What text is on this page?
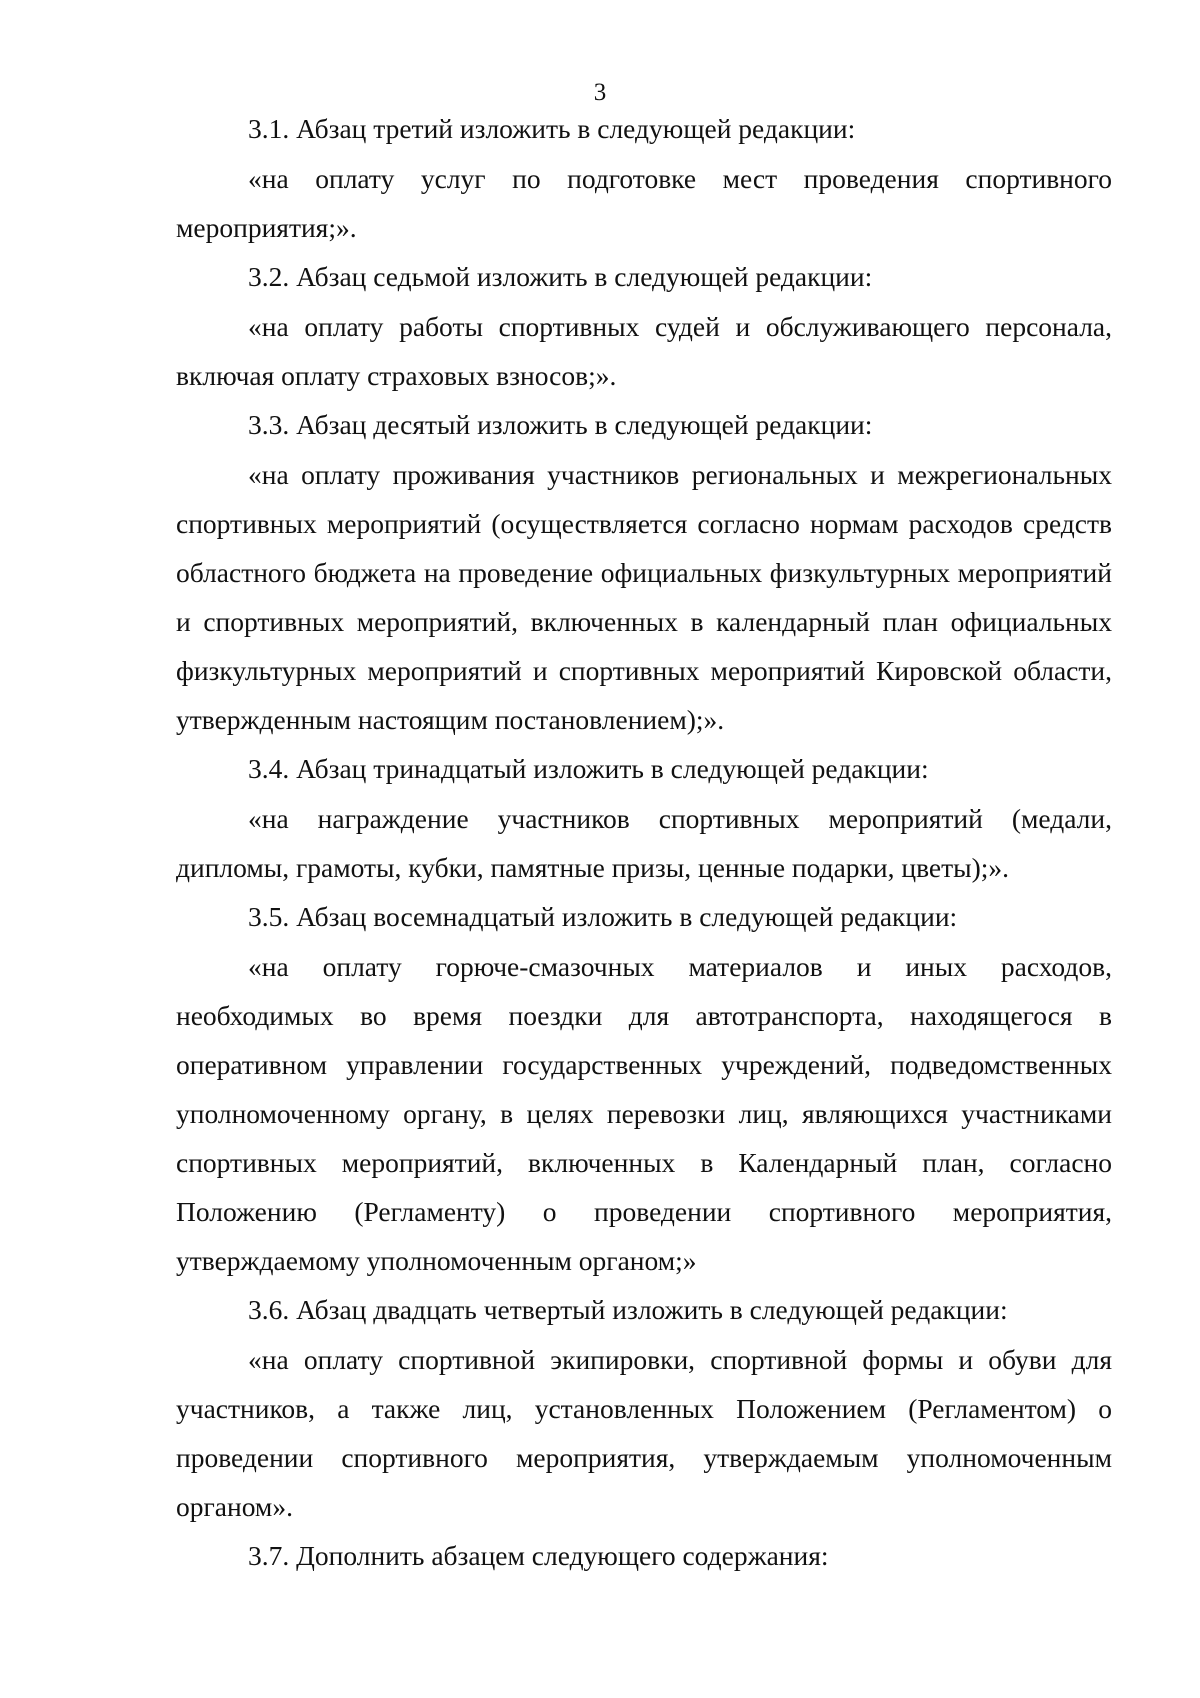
3

3.1. Абзац третий изложить в следующей редакции:

«на оплату услуг по подготовке мест проведения спортивного мероприятия;».

3.2. Абзац седьмой изложить в следующей редакции:

«на оплату работы спортивных судей и обслуживающего персонала, включая оплату страховых взносов;».

3.3. Абзац десятый изложить в следующей редакции:

«на оплату проживания участников региональных и межрегиональных спортивных мероприятий (осуществляется согласно нормам расходов средств областного бюджета на проведение официальных физкультурных мероприятий и спортивных мероприятий, включенных в календарный план официальных физкультурных мероприятий и спортивных мероприятий Кировской области, утвержденным настоящим постановлением);».

3.4. Абзац тринадцатый изложить в следующей редакции:

«на награждение участников спортивных мероприятий (медали, дипломы, грамоты, кубки, памятные призы, ценные подарки, цветы);».

3.5. Абзац восемнадцатый изложить в следующей редакции:

«на оплату горюче-смазочных материалов и иных расходов, необходимых во время поездки для автотранспорта, находящегося в оперативном управлении государственных учреждений, подведомственных уполномоченному органу, в целях перевозки лиц, являющихся участниками спортивных мероприятий, включенных в Календарный план, согласно Положению (Регламенту) о проведении спортивного мероприятия, утверждаемому уполномоченным органом;»

3.6. Абзац двадцать четвертый изложить в следующей редакции:

«на оплату спортивной экипировки, спортивной формы и обуви для участников, а также лиц, установленных Положением (Регламентом) о проведении спортивного мероприятия, утверждаемым уполномоченным органом».

3.7. Дополнить абзацем следующего содержания:
